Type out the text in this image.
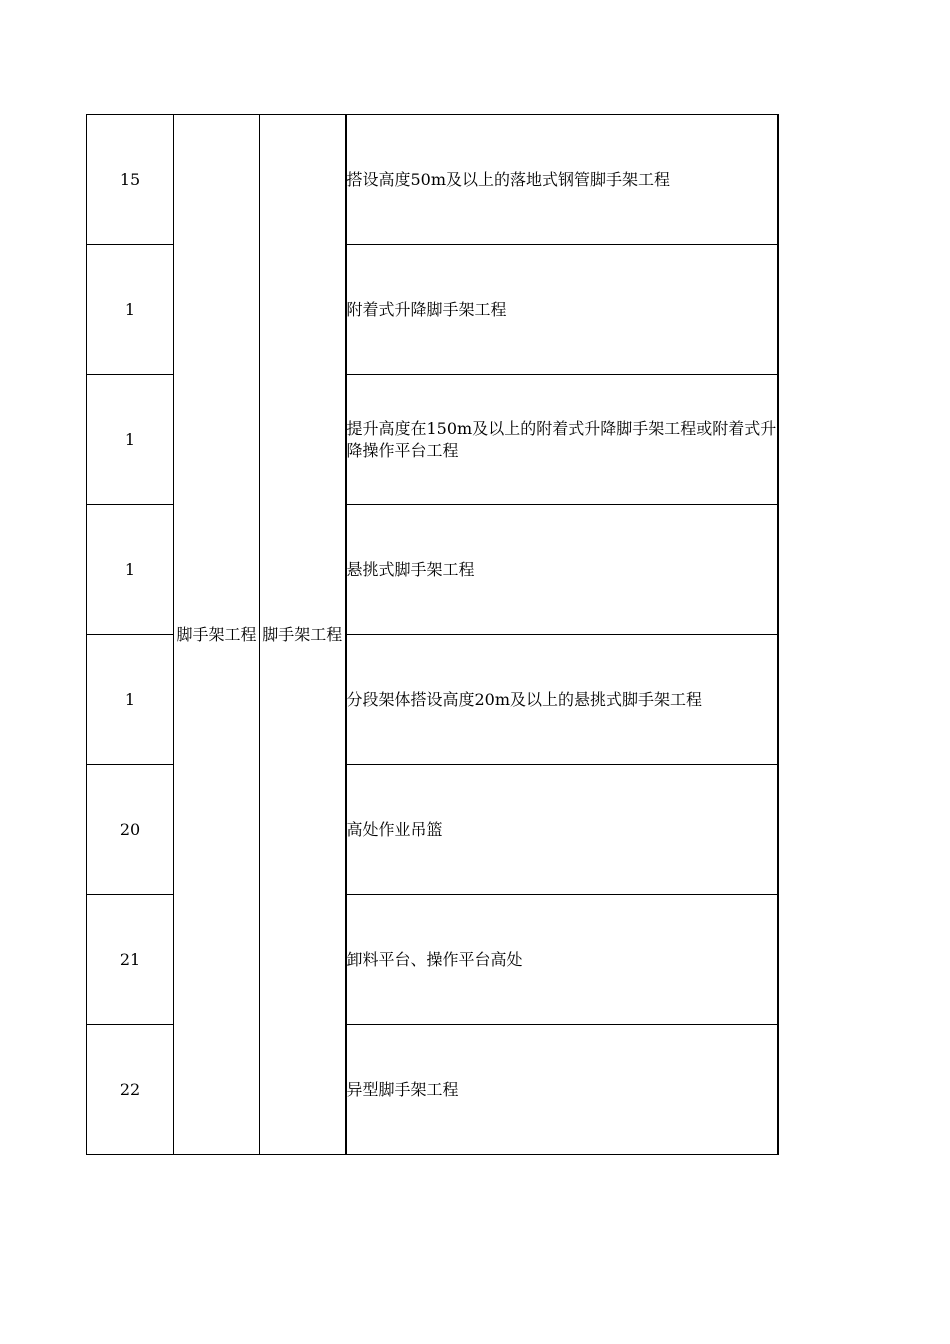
15	脚手架工程	脚手架工程	搭设高度50m及以上的落地式钢管脚手架工程

1			附着式升降脚手架工程

1			提升高度在150m及以上的附着式升降脚手架工程或附着式升降操作平台工程

1			悬挑式脚手架工程

1			分段架体搭设高度20m及以上的悬挑式脚手架工程

20			高处作业吊篮

21			卸料平台、操作平台高处

22			异型脚手架工程
